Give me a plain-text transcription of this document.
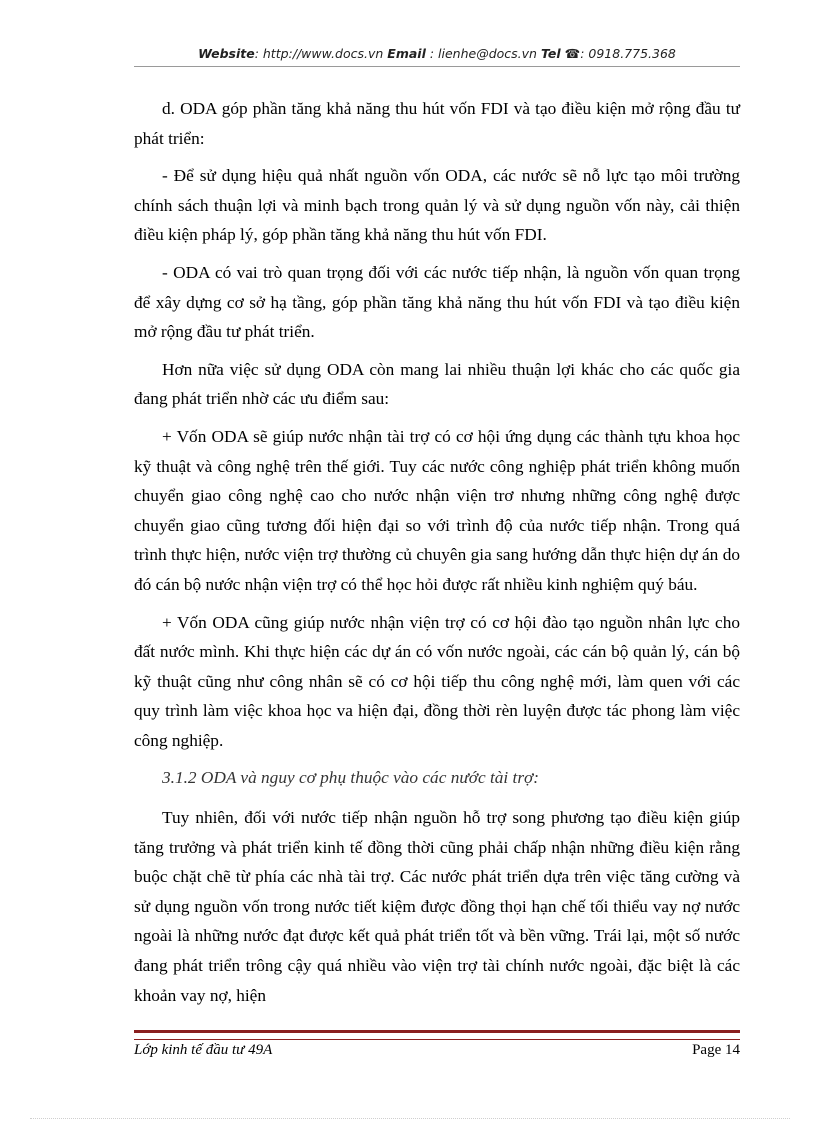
Website: http://www.docs.vn Email : lienhe@docs.vn Tel ☎: 0918.775.368

d. ODA góp phần tăng khả năng thu hút vốn FDI và tạo điều kiện mở rộng đầu tư phát triển:

- Để sử dụng hiệu quả nhất nguồn vốn ODA, các nước sẽ nỗ lực tạo môi trường chính sách thuận lợi và minh bạch trong quản lý và sử dụng nguồn vốn này, cải thiện điều kiện pháp lý, góp phần tăng khả năng thu hút vốn FDI.

- ODA có vai trò quan trọng đối với các nước tiếp nhận, là nguồn vốn quan trọng để xây dựng cơ sở hạ tầng, góp phần tăng khả năng thu hút vốn FDI và tạo điều kiện mở rộng đầu tư phát triển.

Hơn nữa việc sử dụng ODA còn mang lai nhiều thuận lợi khác cho các quốc gia đang phát triển nhờ các ưu điểm sau:

+ Vốn ODA sẽ giúp nước nhận tài trợ có cơ hội ứng dụng các thành tựu khoa học kỹ thuật và công nghệ trên thế giới. Tuy các nước công nghiệp phát triển không muốn chuyển giao công nghệ cao cho nước nhận viện trơ nhưng những công nghệ được chuyển giao cũng tương đối hiện đại so với trình độ của nước tiếp nhận. Trong quá trình thực hiện, nước viện trợ thường củ chuyên gia sang hướng dẫn thực hiện dự án do đó cán bộ nước nhận viện trợ có thể học hỏi được rất nhiều kinh nghiệm quý báu.

+ Vốn ODA cũng giúp nước nhận viện trợ có cơ hội đào tạo nguồn nhân lực cho đất nước mình. Khi thực hiện các dự án có vốn nước ngoài, các cán bộ quản lý, cán bộ kỹ thuật cũng như công nhân sẽ có cơ hội tiếp thu công nghệ mới, làm quen với các quy trình làm việc khoa học va hiện đại, đồng thời rèn luyện được tác phong làm việc công nghiệp.

3.1.2 ODA và nguy cơ phụ thuộc vào các nước tài trợ:

Tuy nhiên, đối với nước tiếp nhận nguồn hỗ trợ song phương tạo điều kiện giúp tăng trưởng và phát triển kinh tế đồng thời cũng phải chấp nhận những điều kiện rằng buộc chặt chẽ từ phía các nhà tài trợ. Các nước phát triển dựa trên việc tăng cường và sử dụng nguồn vốn trong nước tiết kiệm được đồng thọi hạn chế tối thiểu vay nợ nước ngoài là những nước đạt được kết quả phát triển tốt và bền vững. Trái lại, một số nước đang phát triển trông cậy quá nhiều vào viện trợ tài chính nước ngoài, đặc biệt là các khoản vay nợ, hiện

Lớp kinh tế đầu tư 49A	Page 14
